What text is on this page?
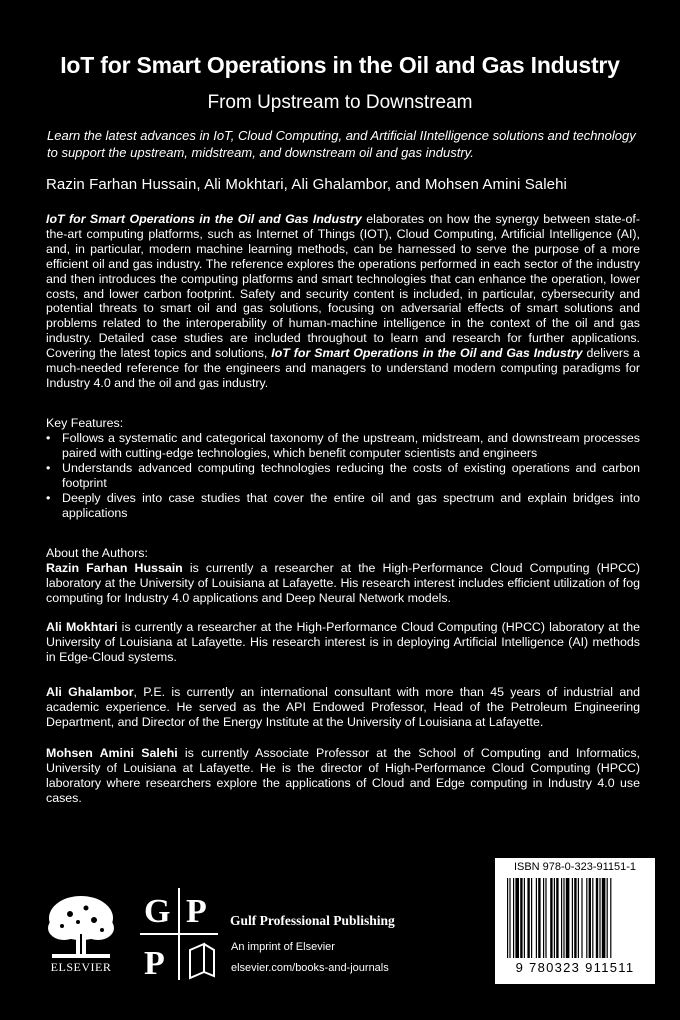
IoT for Smart Operations in the Oil and Gas Industry
From Upstream to Downstream
Learn the latest advances in IoT, Cloud Computing, and Artificial IIntelligence solutions and technology to support the upstream, midstream, and downstream oil and gas industry.
Razin Farhan Hussain, Ali Mokhtari, Ali Ghalambor, and Mohsen Amini Salehi
IoT for Smart Operations in the Oil and Gas Industry elaborates on how the synergy between state-of-the-art computing platforms, such as Internet of Things (IOT), Cloud Computing, Artificial Intelligence (AI), and, in particular, modern machine learning methods, can be harnessed to serve the purpose of a more efficient oil and gas industry. The reference explores the operations performed in each sector of the industry and then introduces the computing platforms and smart technologies that can enhance the operation, lower costs, and lower carbon footprint. Safety and security content is included, in particular, cybersecurity and potential threats to smart oil and gas solutions, focusing on adversarial effects of smart solutions and problems related to the interoperability of human-machine intelligence in the context of the oil and gas industry. Detailed case studies are included throughout to learn and research for further applications. Covering the latest topics and solutions, IoT for Smart Operations in the Oil and Gas Industry delivers a much-needed reference for the engineers and managers to understand modern computing paradigms for Industry 4.0 and the oil and gas industry.
Key Features:
• Follows a systematic and categorical taxonomy of the upstream, midstream, and downstream processes paired with cutting-edge technologies, which benefit computer scientists and engineers
• Understands advanced computing technologies reducing the costs of existing operations and carbon footprint
• Deeply dives into case studies that cover the entire oil and gas spectrum and explain bridges into applications
About the Authors:
Razin Farhan Hussain is currently a researcher at the High-Performance Cloud Computing (HPCC) laboratory at the University of Louisiana at Lafayette. His research interest includes efficient utilization of fog computing for Industry 4.0 applications and Deep Neural Network models.
Ali Mokhtari is currently a researcher at the High-Performance Cloud Computing (HPCC) laboratory at the University of Louisiana at Lafayette. His research interest is in deploying Artificial Intelligence (AI) methods in Edge-Cloud systems.
Ali Ghalambor, P.E. is currently an international consultant with more than 45 years of industrial and academic experience. He served as the API Endowed Professor, Head of the Petroleum Engineering Department, and Director of the Energy Institute at the University of Louisiana at Lafayette.
Mohsen Amini Salehi is currently Associate Professor at the School of Computing and Informatics, University of Louisiana at Lafayette. He is the director of High-Performance Cloud Computing (HPCC) laboratory where researchers explore the applications of Cloud and Edge computing in Industry 4.0 use cases.
ELSEVIER
G P
P
Gulf Professional Publishing
An imprint of Elsevier
elsevier.com/books-and-journals
ISBN 978-0-323-91151-1
9 780323 911511
